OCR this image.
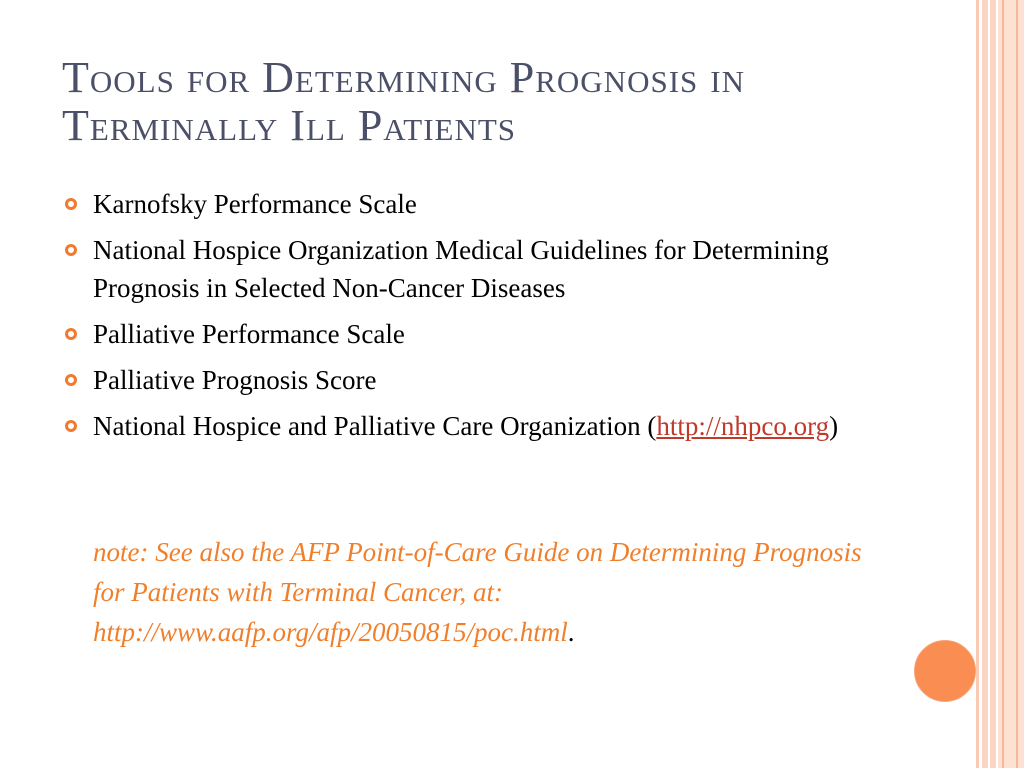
Tools for Determining Prognosis in Terminally Ill Patients
Karnofsky Performance Scale
National Hospice Organization Medical Guidelines for Determining Prognosis in Selected Non-Cancer Diseases
Palliative Performance Scale
Palliative Prognosis Score
National Hospice and Palliative Care Organization (http://nhpco.org)

note: See also the AFP Point-of-Care Guide on Determining Prognosis for Patients with Terminal Cancer, at: http://www.aafp.org/afp/20050815/poc.html.
